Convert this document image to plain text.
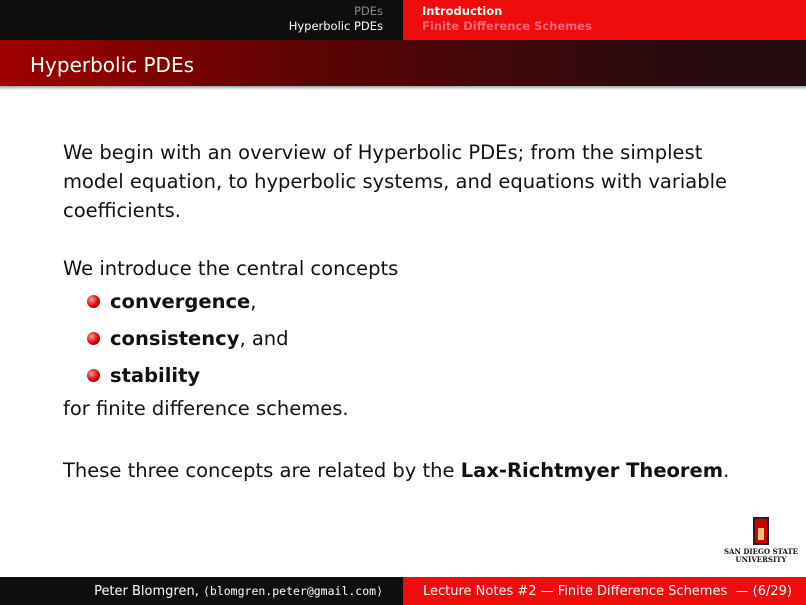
PDEs
Hyperbolic PDEs
Introduction
Finite Difference Schemes
Hyperbolic PDEs

We begin with an overview of Hyperbolic PDEs; from the simplest model equation, to hyperbolic systems, and equations with variable coefficients.

We introduce the central concepts

convergence ,
consistency , and
stability

for finite difference schemes.

These three concepts are related by the Lax-Richtmyer Theorem.

SAN DIEGO STATE
UNIVERSITY
Peter Blomgren, ⟨blomgren.peter@gmail.com⟩	Lecture Notes #2 — Finite Difference Schemes — (6/29)
